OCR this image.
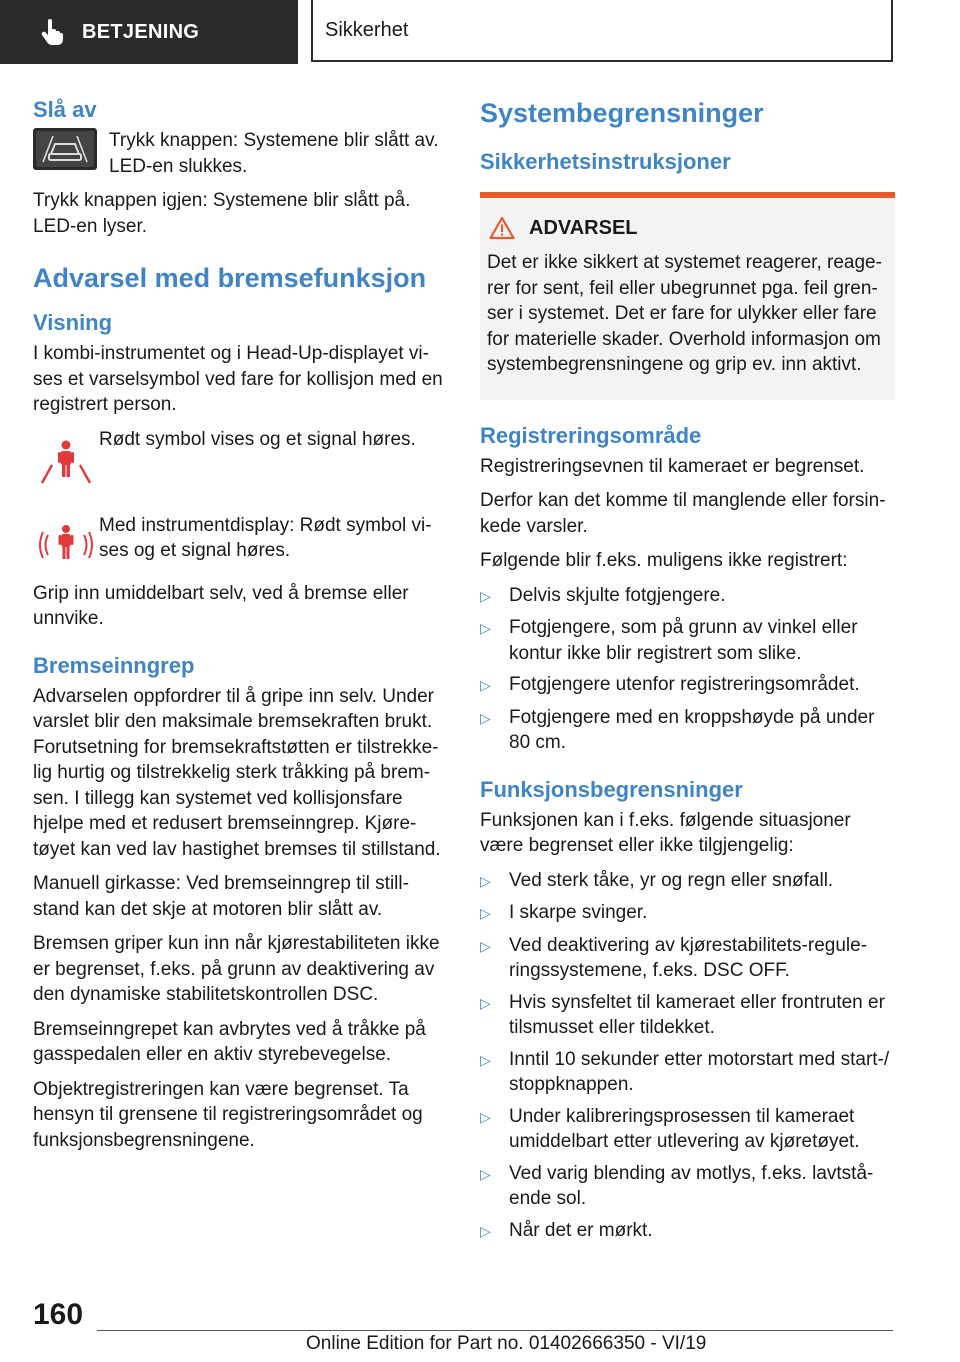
BETJENING	Sikkerhet
Slå av

Trykk knappen: Systemene blir slått av. LED-en slukkes.

Trykk knappen igjen: Systemene blir slått på. LED-en lyser.

Advarsel med bremsefunksjon
Visning

I kombi-instrumentet og i Head-Up-displayet vises et varselsymbol ved fare for kollisjon med en registrert person.

Rødt symbol vises og et signal høres.

Med instrumentdisplay: Rødt symbol vises og et signal høres.

Grip inn umiddelbart selv, ved å bremse eller unnvike.

Bremseinngrep

Advarselen oppfordrer til å gripe inn selv. Under varslet blir den maksimale bremsekraften brukt. Forutsetning for bremsekraftstøtten er tilstrekkelig hurtig og tilstrekkelig sterk tråkking på bremsen. I tillegg kan systemet ved kollisjonsfare hjelpe med et redusert bremseinngrep. Kjøretøyet kan ved lav hastighet bremses til stillstand.

Manuell girkasse: Ved bremseinngrep til stillstand kan det skje at motoren blir slått av.

Bremsen griper kun inn når kjørestabiliteten ikke er begrenset, f.eks. på grunn av deaktivering av den dynamiske stabilitetskontrollen DSC.

Bremseinngrepet kan avbrytes ved å tråkke på gasspedalen eller en aktiv styrebevegelse.

Objektregistreringen kan være begrenset. Ta hensyn til grensene til registreringsområdet og funksjonsbegrensningene.

Systembegrensninger
Sikkerhetsinstruksjoner
ADVARSEL

Det er ikke sikkert at systemet reagerer, reagerer for sent, feil eller ubegrunnet pga. feil grenser i systemet. Det er fare for ulykker eller fare for materielle skader. Overhold informasjon om systembegrensningene og grip ev. inn aktivt.

Registreringsområde

Registreringsevnen til kameraet er begrenset.

Derfor kan det komme til manglende eller forsinkede varsler.

Følgende blir f.eks. muligens ikke registrert:

▷ Delvis skjulte fotgjengere.
▷ Fotgjengere, som på grunn av vinkel eller kontur ikke blir registrert som slike.
▷ Fotgjengere utenfor registreringsområdet.
▷ Fotgjengere med en kroppshøyde på under 80 cm.
Funksjonsbegrensninger

Funksjonen kan i f.eks. følgende situasjoner være begrenset eller ikke tilgjengelig:

▷ Ved sterk tåke, yr og regn eller snøfall.
▷ I skarpe svinger.
▷ Ved deaktivering av kjørestabilitets-reguleringssystemene, f.eks. DSC OFF.
▷ Hvis synsfeltet til kameraet eller frontruten er tilsmusset eller tildekket.
▷ Inntil 10 sekunder etter motorstart med start-/ stoppknappen.
▷ Under kalibreringsprosessen til kameraet umiddelbart etter utlevering av kjøretøyet.
▷ Ved varig blending av motlys, f.eks. lavtstående sol.
▷ Når det er mørkt.
160
Online Edition for Part no. 01402666350 - VI/19
